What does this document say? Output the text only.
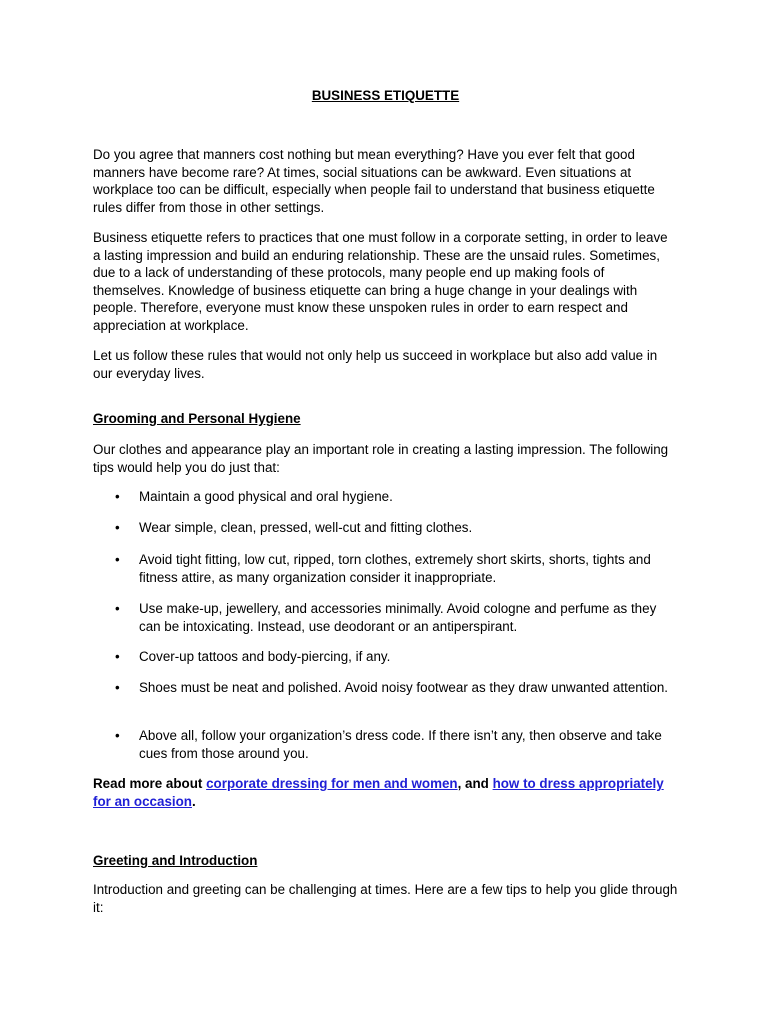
BUSINESS ETIQUETTE

Do you agree that manners cost nothing but mean everything? Have you ever felt that good manners have become rare? At times, social situations can be awkward. Even situations at workplace too can be difficult, especially when people fail to understand that business etiquette rules differ from those in other settings.

Business etiquette refers to practices that one must follow in a corporate setting, in order to leave a lasting impression and build an enduring relationship. These are the unsaid rules. Sometimes, due to a lack of understanding of these protocols, many people end up making fools of themselves. Knowledge of business etiquette can bring a huge change in your dealings with people. Therefore, everyone must know these unspoken rules in order to earn respect and appreciation at workplace.

Let us follow these rules that would not only help us succeed in workplace but also add value in our everyday lives.

Grooming and Personal Hygiene

Our clothes and appearance play an important role in creating a lasting impression. The following tips would help you do just that:

•	Maintain a good physical and oral hygiene.
•	Wear simple, clean, pressed, well-cut and fitting clothes.
•	Avoid tight fitting, low cut, ripped, torn clothes, extremely short skirts, shorts, tights and fitness attire, as many organization consider it inappropriate.
•	Use make-up, jewellery, and accessories minimally. Avoid cologne and perfume as they can be intoxicating. Instead, use deodorant or an antiperspirant.
•	Cover-up tattoos and body-piercing, if any.
•	Shoes must be neat and polished. Avoid noisy footwear as they draw unwanted attention.
•	Above all, follow your organization’s dress code. If there isn’t any, then observe and take cues from those around you.

Read more about corporate dressing for men and women, and how to dress appropriately for an occasion.

Greeting and Introduction

Introduction and greeting can be challenging at times. Here are a few tips to help you glide through it:
